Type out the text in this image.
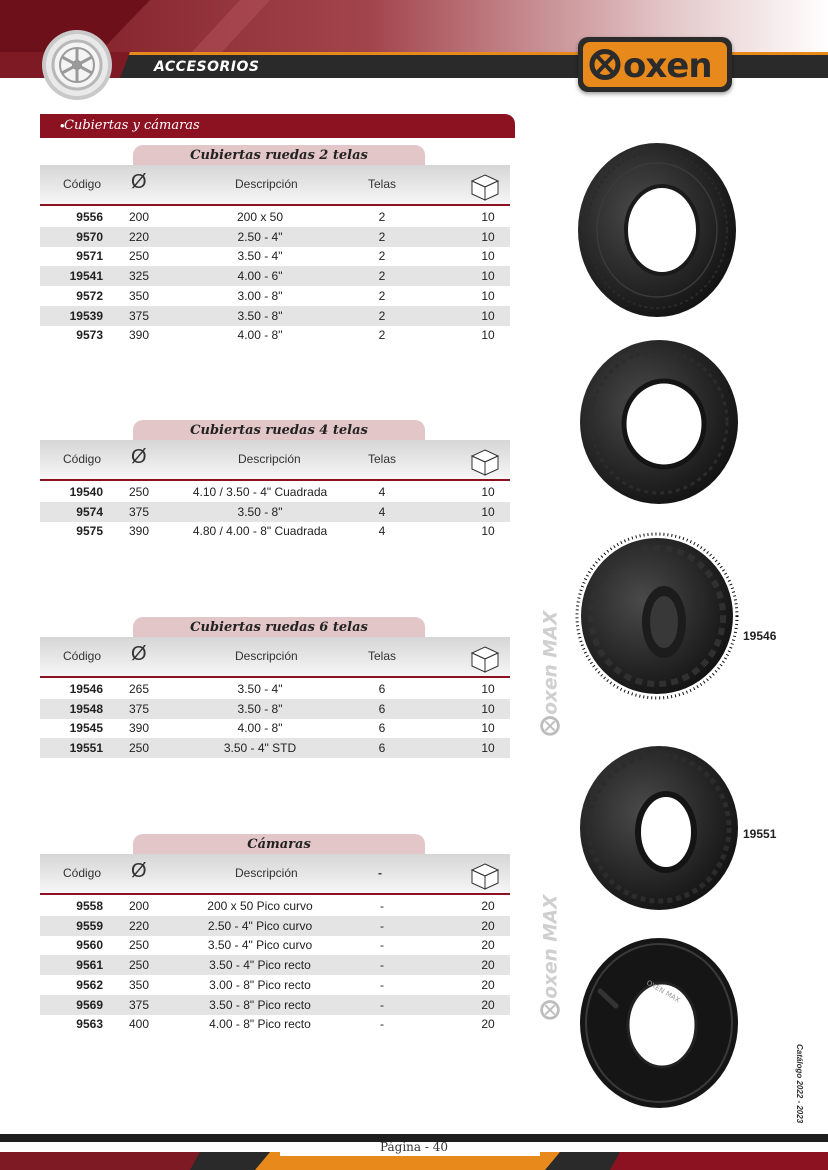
ACCESORIOS	oxen
• Cubiertas y cámaras
Cubiertas ruedas 2 telas
Código Ø	Descripción	Telas
9556 200	200 x 50	2	10
9570 220	2.50 - 4"	2	10
9571 250	3.50 - 4"	2	10
19541 325	4.00 - 6"	2	10
9572 350	3.00 - 8"	2	10
19539 375	3.50 - 8"	2	10
9573 390	4.00 - 8"	2	10
Cubiertas ruedas 4 telas
Código Ø	Descripción	Telas
19540 250	4.10 / 3.50 - 4" Cuadrada	4	10
9574 375	3.50 - 8"	4	10
9575 390	4.80 / 4.00 - 8" Cuadrada	4	10
Cubiertas ruedas 6 telas
Código Ø	Descripción	Telas
19546 265	3.50 - 4"	6	10
19548 375	3.50 - 8"	6	10
19545 390	4.00 - 8"	6	10
19551 250	3.50 - 4" STD	6	10
Cámaras
Código Ø	Descripción	-
9558 200	200 x 50 Pico curvo	-	20
9559 220	2.50 - 4" Pico curvo	-	20
9560 250	3.50 - 4" Pico curvo	-	20
9561 250	3.50 - 4" Pico recto	-	20
9562 350	3.00 - 8" Pico recto	-	20
9569 375	3.50 - 8" Pico recto	-	20
9563 400	4.00 - 8" Pico recto	-	20
19546
19551
OXEN MAX
oxen MAX
oxen MAX
Catálogo 2022 - 2023
Página - 40
